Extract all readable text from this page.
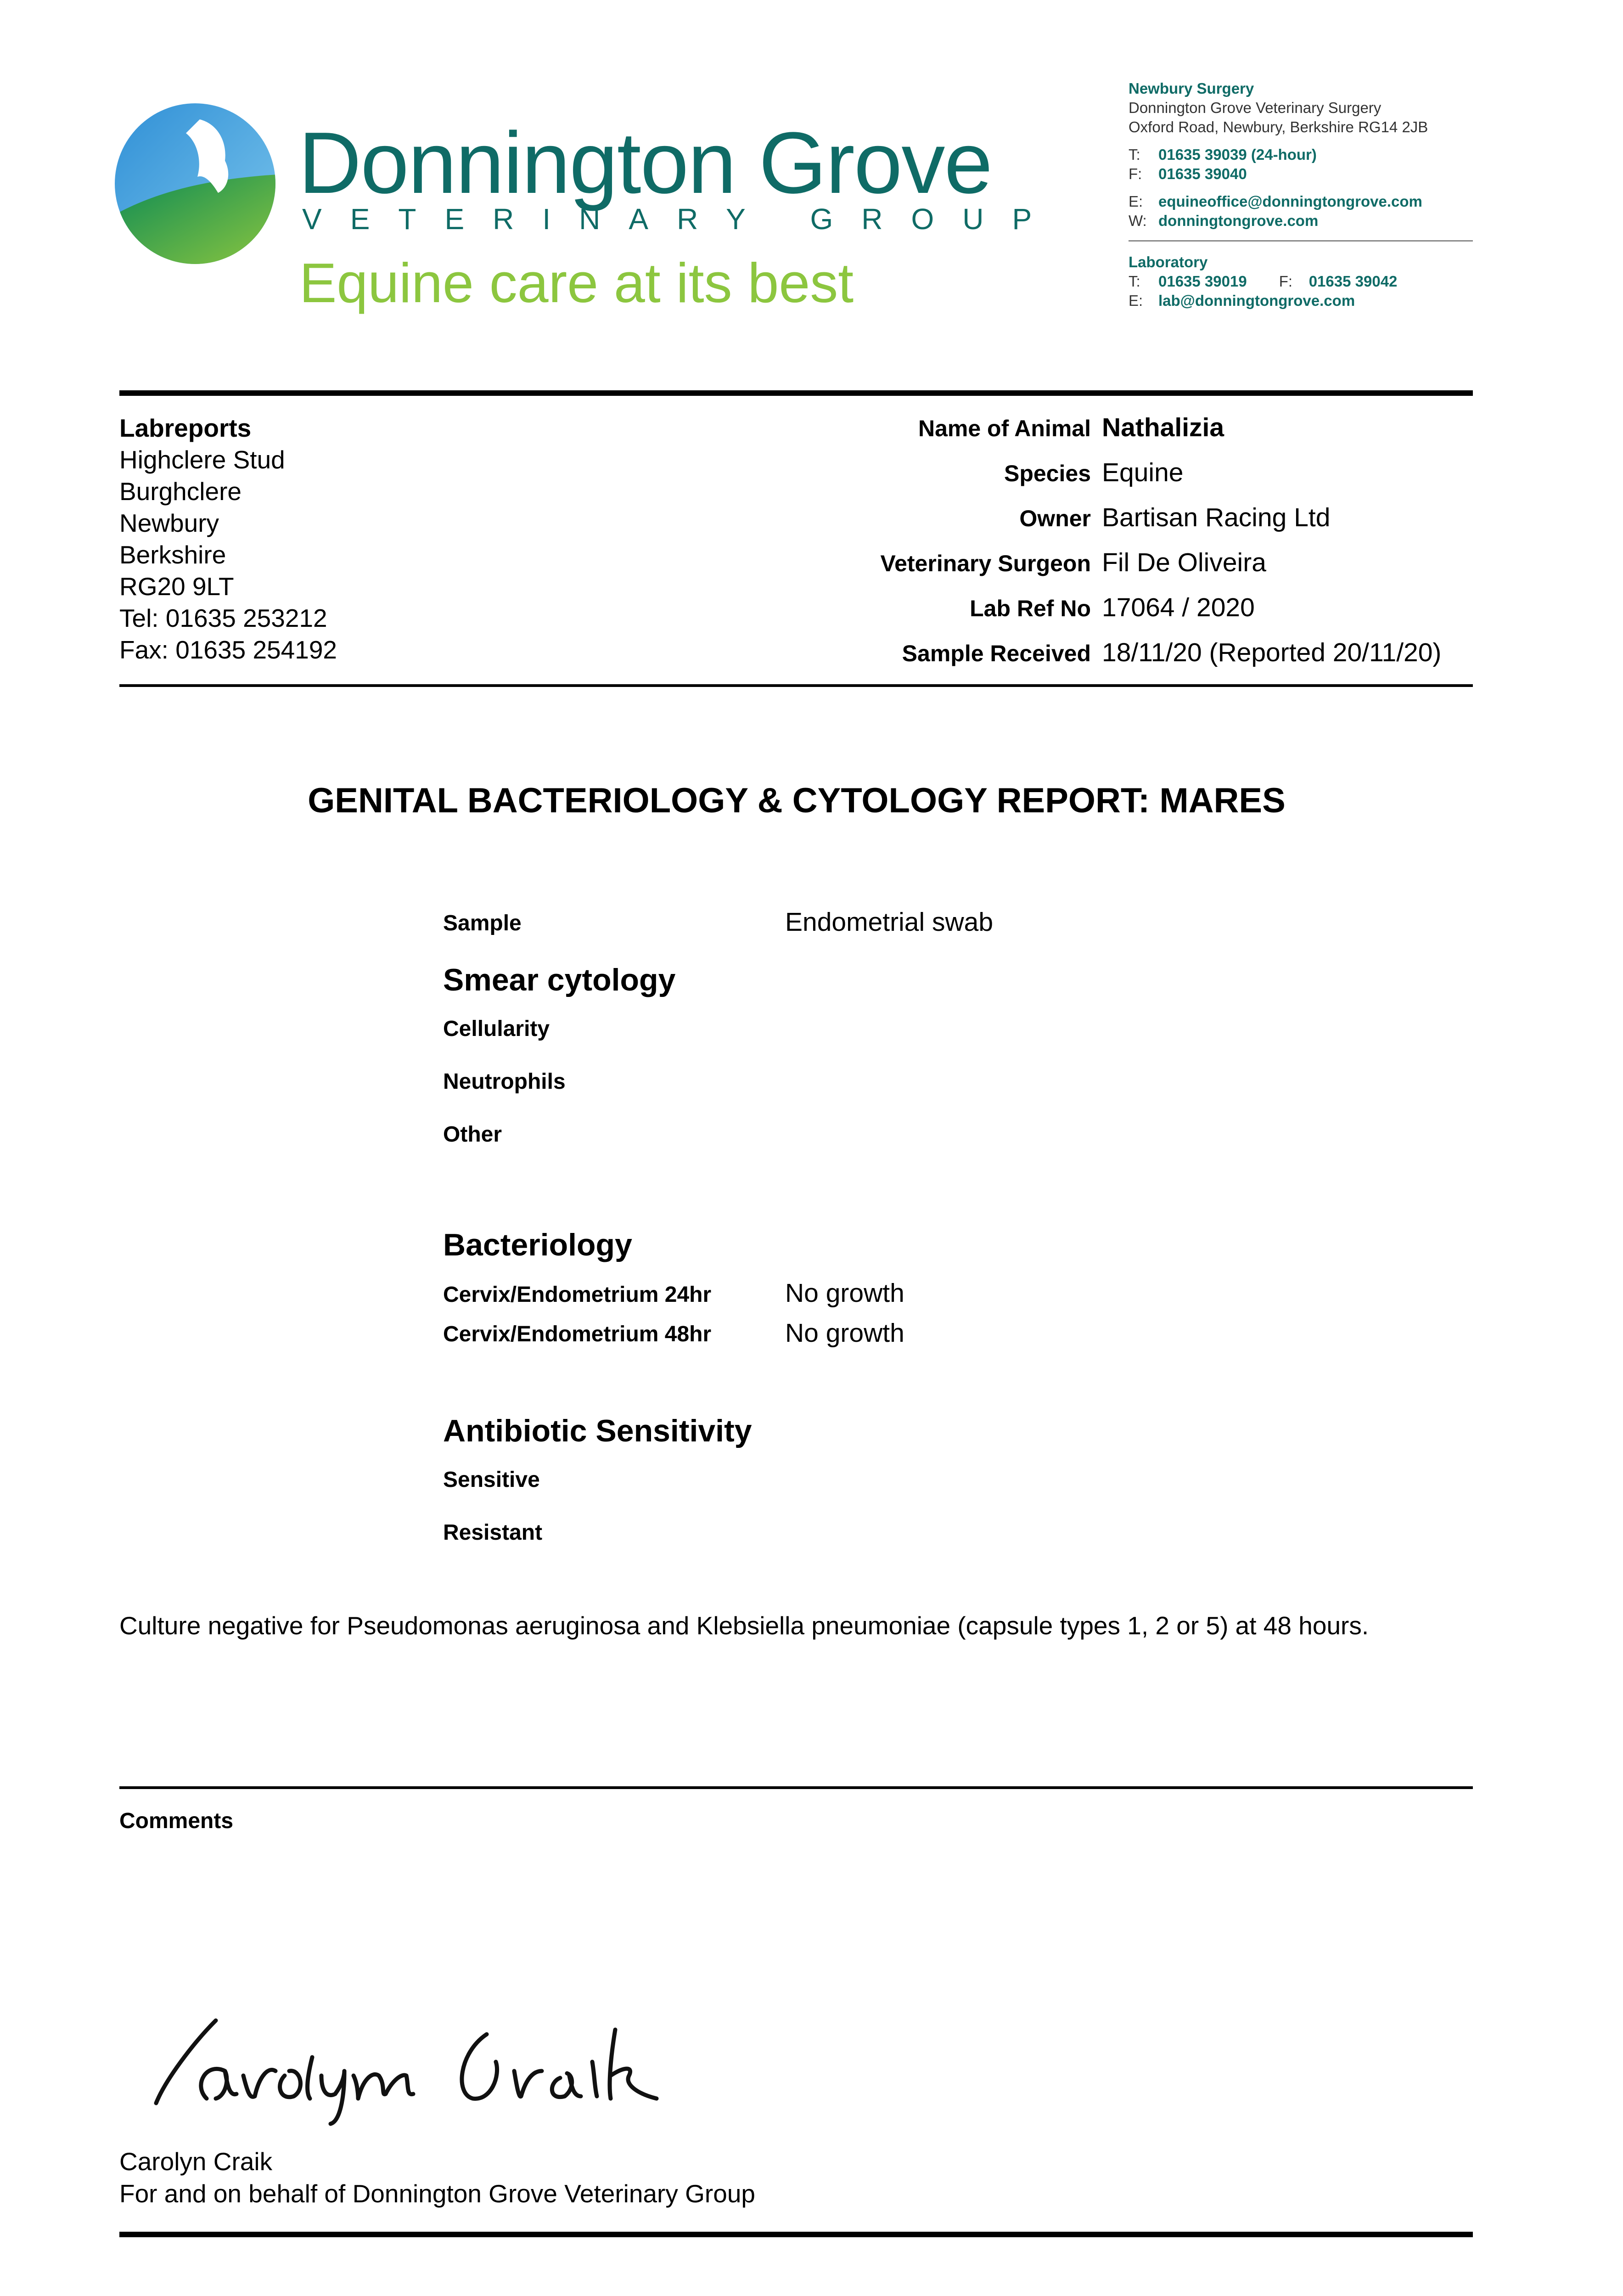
Donnington Grove
VETERINARY GROUP
Equine care at its best
Newbury Surgery
Donnington Grove Veterinary Surgery
Oxford Road, Newbury, Berkshire RG14 2JB
T:	01635 39039 (24-hour)
F:	01635 39040
E:	equineoffice@donningtongrove.com
W: donningtongrove.com
Laboratory
T:	01635 39019 F:	01635 39042
E:	lab@donningtongrove.com
Labreports
Highclere Stud
Burghclere
Newbury
Berkshire
RG20 9LT
Tel: 01635 253212
Fax: 01635 254192
Name of Animal Nathalizia
Species Equine
Owner Bartisan Racing Ltd
Veterinary Surgeon Fil De Oliveira
Lab Ref No 17064 / 2020
Sample Received 18/11/20 (Reported 20/11/20)
GENITAL BACTERIOLOGY & CYTOLOGY REPORT: MARES
Sample	Endometrial swab
Smear cytology
Cellularity
Neutrophils
Other
Bacteriology
Cervix/Endometrium 24hr	No growth
Cervix/Endometrium 48hr	No growth
Antibiotic Sensitivity
Sensitive
Resistant
Culture negative for Pseudomonas aeruginosa and Klebsiella pneumoniae (capsule types 1, 2 or 5) at 48 hours.
Comments
Carolyn Craik
For and on behalf of Donnington Grove Veterinary Group
